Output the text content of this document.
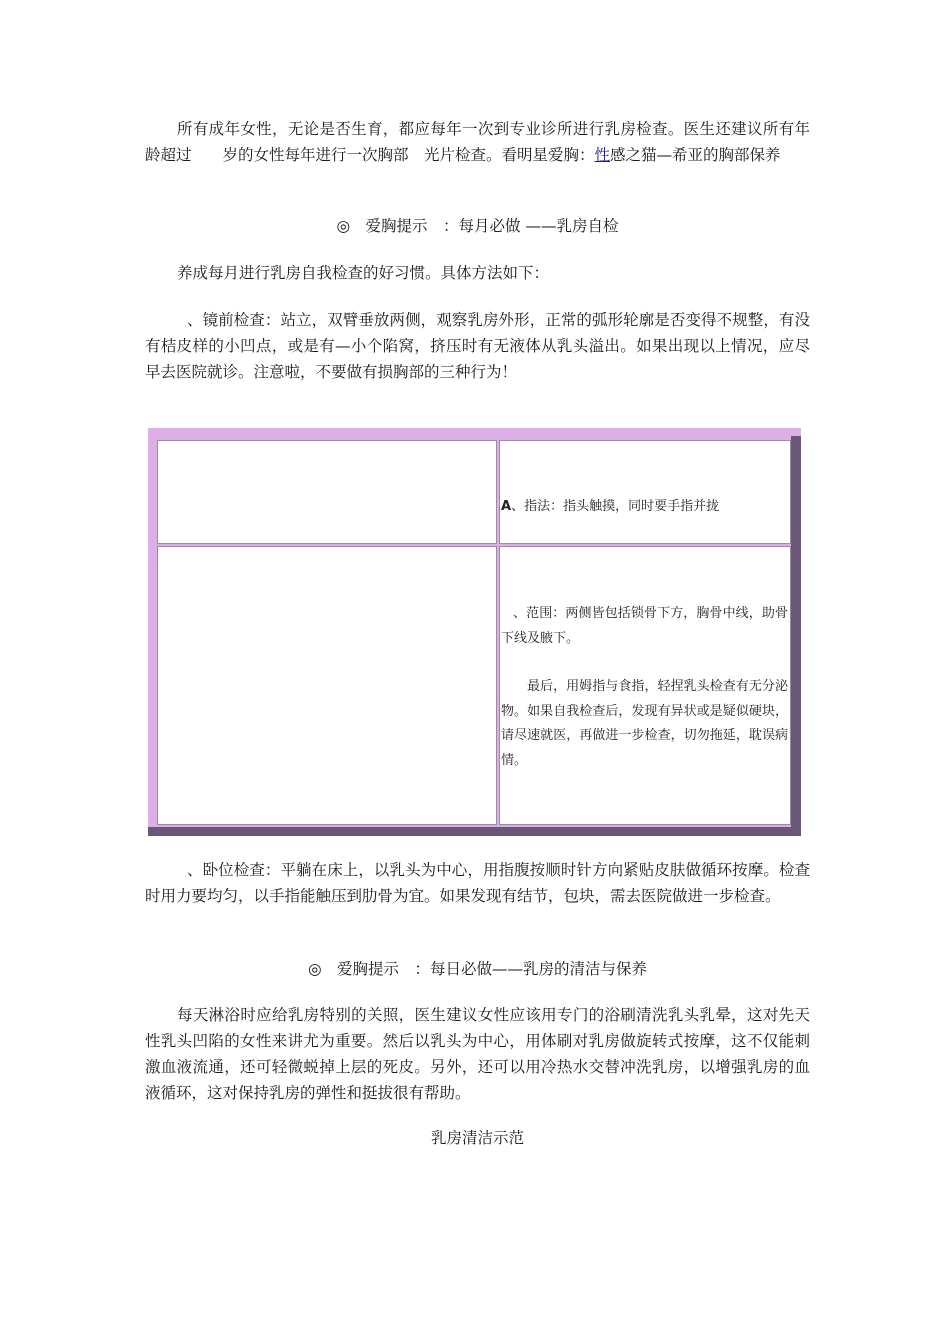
所有成年女性，无论是否生育，都应每年一次到专业诊所进行乳房检查。医生还建议所有年龄超过　　岁的女性每年进行一次胸部　光片检查。看明星爱胸：性感之猫—希亚的胸部保养

◎　爱胸提示　：每月必做 ——乳房自检

养成每月进行乳房自我检查的好习惯。具体方法如下：

、镜前检查：站立，双臂垂放两侧，观察乳房外形，正常的弧形轮廓是否变得不规整，有没有桔皮样的小凹点，或是有—小个陷窝，挤压时有无液体从乳头溢出。如果出现以上情况，应尽早去医院就诊。注意啦，不要做有损胸部的三种行为！

A、指法：指头触摸，同时要手指并拢

、范围：两侧皆包括锁骨下方，胸骨中线，助骨下线及腋下。

最后，用姆指与食指，轻捏乳头检查有无分泌物。如果自我检查后，发现有异状或是疑似硬块，请尽速就医，再做进一步检查，切勿拖延，耽误病情。

、卧位检查：平躺在床上，以乳头为中心，用指腹按顺时针方向紧贴皮肤做循环按摩。检查时用力要均匀，以手指能触压到肋骨为宜。如果发现有结节，包块，需去医院做进一步检查。

◎　爱胸提示　：每日必做——乳房的清洁与保养

每天淋浴时应给乳房特别的关照，医生建议女性应该用专门的浴刷清洗乳头乳晕，这对先天性乳头凹陷的女性来讲尤为重要。然后以乳头为中心，用体刷对乳房做旋转式按摩，这不仅能刺激血液流通，还可轻微蜕掉上层的死皮。另外，还可以用冷热水交替冲洗乳房，以增强乳房的血液循环，这对保持乳房的弹性和挺拔很有帮助。

乳房清洁示范
